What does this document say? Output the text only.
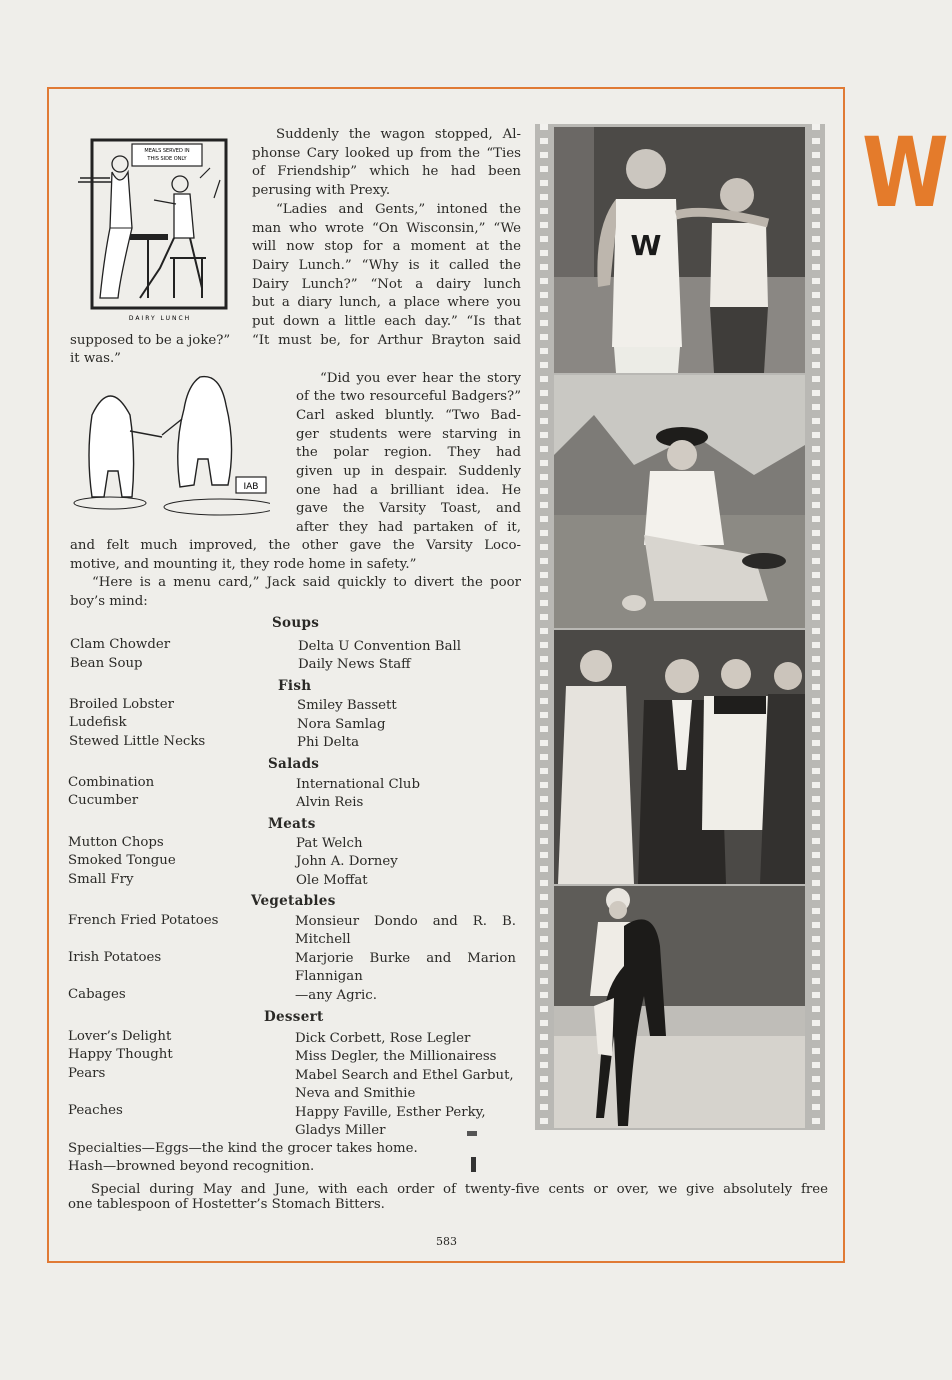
W
MEALS SERVED IN
THIS SIDE ONLY
DAIRY LUNCH
IAB
Suddenly the wagon stopped, Al-
phonse Cary looked up from the “Ties
of Friendship” which he had been
perusing with Prexy.
“Ladies and Gents,” intoned the
man who wrote “On Wisconsin,” “We
will now stop for a moment at the
Dairy Lunch.” “Why is it called the
Dairy Lunch?” “Not a dairy lunch
but a diary lunch, a place where you
put down a little each day.” “Is that
supposed to be a joke?” “It must be, for Arthur Brayton said
it was.”
“Did you ever hear the story
of the two resourceful Badgers?”
Carl asked bluntly. “Two Bad-
ger students were starving in
the polar region. They had
given up in despair. Suddenly
one had a brilliant idea. He
gave the Varsity Toast, and
after they had partaken of it,
and felt much improved, the other gave the Varsity Loco-
motive, and mounting it, they rode home in safety.”
“Here is a menu card,” Jack said quickly to divert the poor
boy’s mind:
Soups
Clam Chowder	Delta U Convention Ball
Bean Soup	Daily News Staff
Fish
Broiled Lobster	Smiley Bassett
Ludefisk	Nora Samlag
Stewed Little Necks	Phi Delta
Salads
Combination	International Club
Cucumber	Alvin Reis
Meats
Mutton Chops	Pat Welch
Smoked Tongue	John A. Dorney
Small Fry	Ole Moffat
Vegetables
French Fried Potatoes	Monsieur Dondo and R. B.
Mitchell
Irish Potatoes	Marjorie Burke and Marion
Flannigan
Cabages	—any Agric.
Dessert
Lover’s Delight	Dick Corbett, Rose Legler
Happy Thought	Miss Degler, the Millionairess
Pears	Mabel Search and Ethel Garbut,
Neva and Smithie
Peaches	Happy Faville, Esther Perky,
Gladys Miller
Specialties—Eggs—the kind the grocer takes home.
Hash—browned beyond recognition.
Special during May and June, with each order of twenty-five cents or over, we give absolutely free
one tablespoon of Hostetter’s Stomach Bitters.
W
583
